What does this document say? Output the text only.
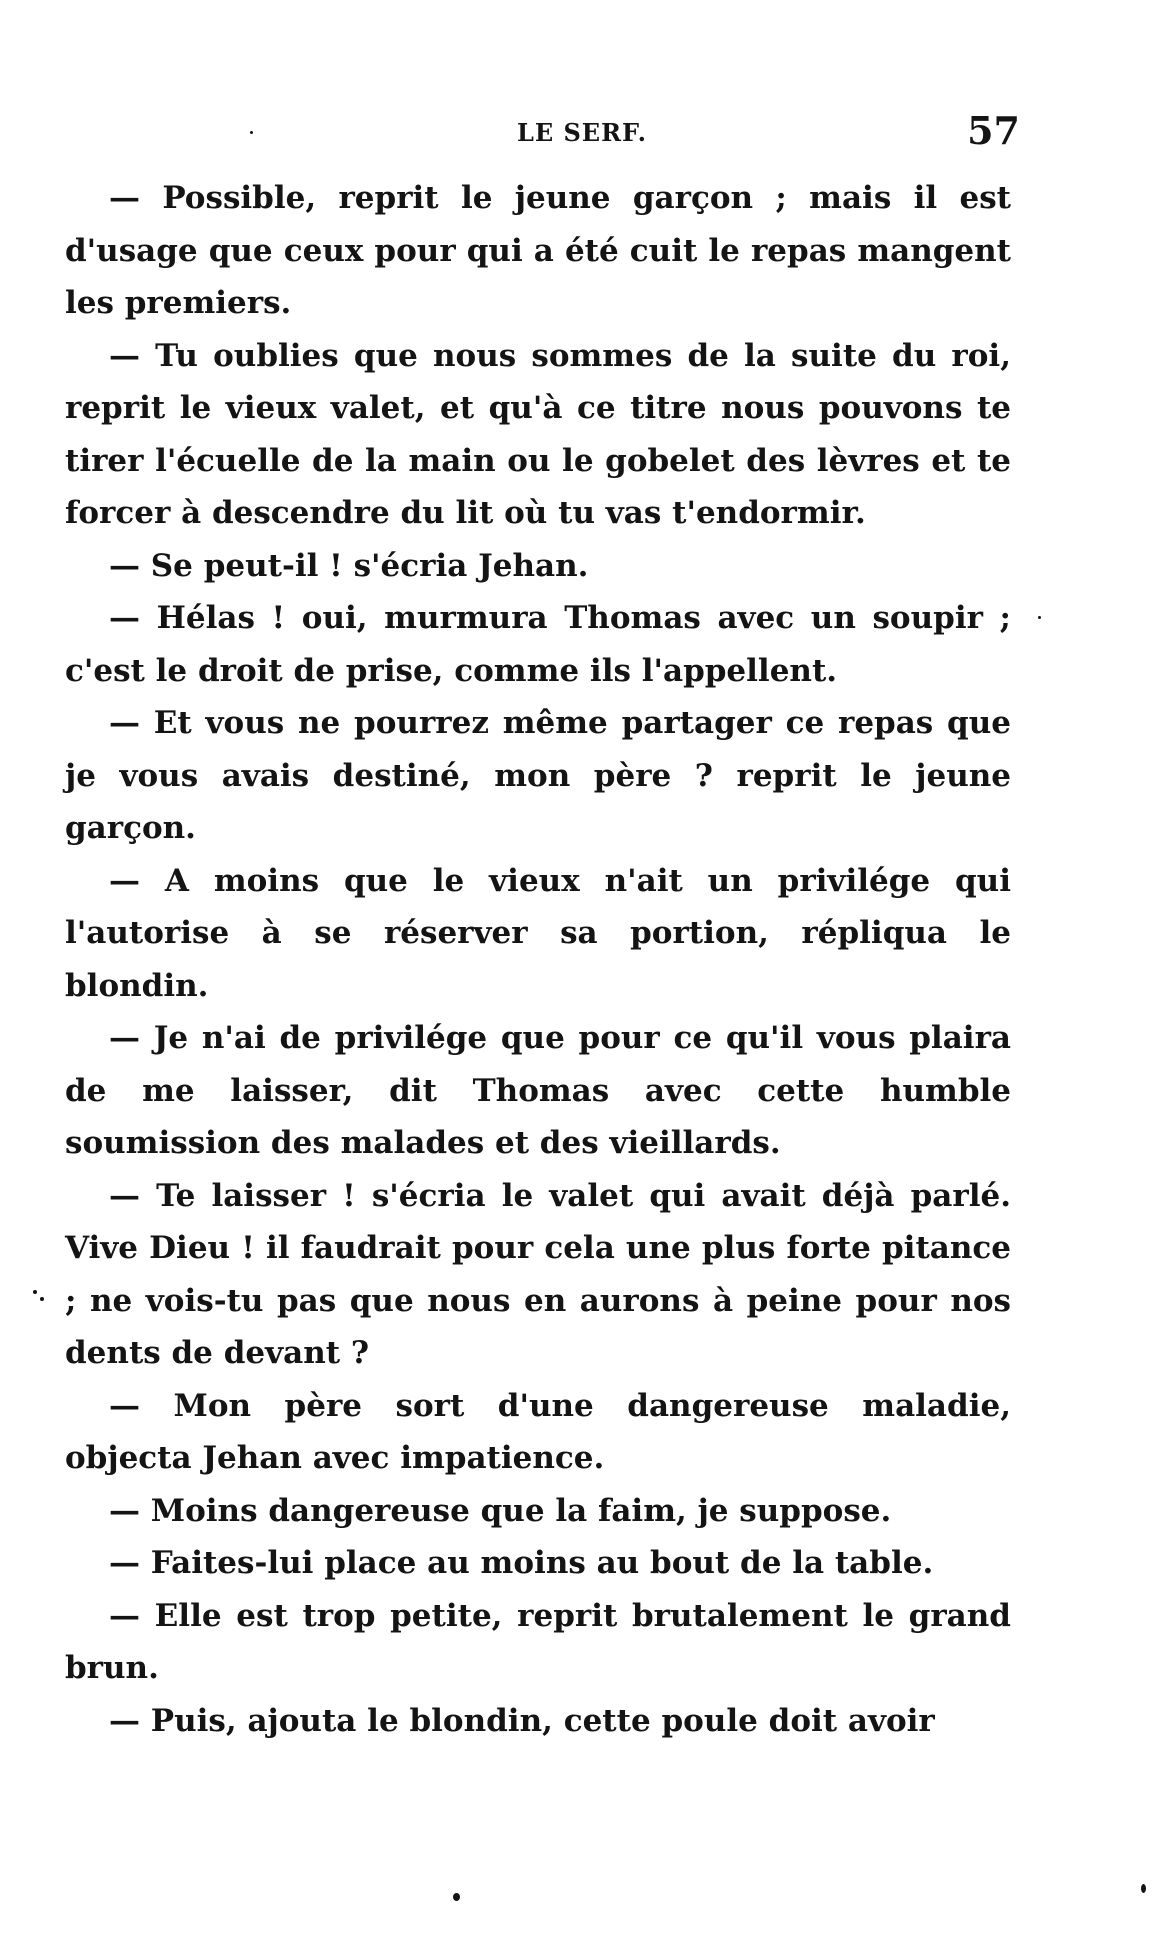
LE SERF.	57

— Possible, reprit le jeune garçon ; mais il est d'usage que ceux pour qui a été cuit le repas mangent les premiers.

— Tu oublies que nous sommes de la suite du roi, reprit le vieux valet, et qu'à ce titre nous pouvons te tirer l'écuelle de la main ou le gobelet des lèvres et te forcer à descendre du lit où tu vas t'endormir.

— Se peut-il ! s'écria Jehan.

— Hélas ! oui, murmura Thomas avec un soupir ; c'est le droit de prise, comme ils l'appellent.

— Et vous ne pourrez même partager ce repas que je vous avais destiné, mon père ? reprit le jeune garçon.

— A moins que le vieux n'ait un privilége qui l'autorise à se réserver sa portion, répliqua le blondin.

— Je n'ai de privilége que pour ce qu'il vous plaira de me laisser, dit Thomas avec cette humble soumission des malades et des vieillards.

— Te laisser ! s'écria le valet qui avait déjà parlé. Vive Dieu ! il faudrait pour cela une plus forte pitance ; ne vois-tu pas que nous en aurons à peine pour nos dents de devant ?

— Mon père sort d'une dangereuse maladie, objecta Jehan avec impatience.

— Moins dangereuse que la faim, je suppose.

— Faites-lui place au moins au bout de la table.

— Elle est trop petite, reprit brutalement le grand brun.

— Puis, ajouta le blondin, cette poule doit avoir
